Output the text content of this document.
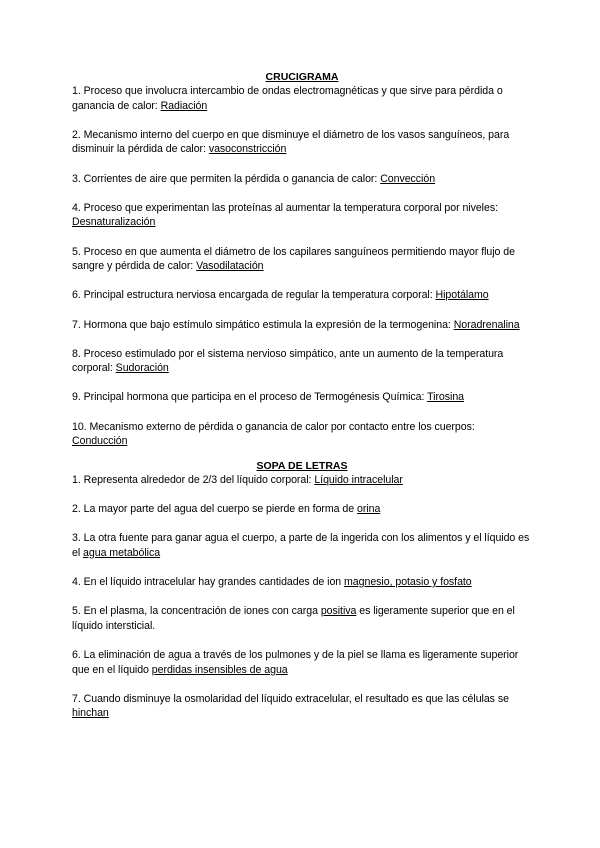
CRUCIGRAMA

1. Proceso que involucra intercambio de ondas electromagnéticas y que sirve para pérdida o ganancia de calor: Radiación

2. Mecanismo interno del cuerpo en que disminuye el diámetro de los vasos sanguíneos, para disminuir la pérdida de calor: vasoconstricción

3. Corrientes de aire que permiten la pérdida o ganancia de calor: Convección

4. Proceso que experimentan las proteínas al aumentar la temperatura corporal por niveles: Desnaturalización

5. Proceso en que aumenta el diámetro de los capilares sanguíneos permitiendo mayor flujo de sangre y pérdida de calor: Vasodilatación

6. Principal estructura nerviosa encargada de regular la temperatura corporal: Hipotálamo

7. Hormona que bajo estímulo simpático estimula la expresión de la termogenina: Noradrenalina

8. Proceso estimulado por el sistema nervioso simpático, ante un aumento de la temperatura corporal: Sudoración

9. Principal hormona que participa en el proceso de Termogénesis Química: Tirosina

10. Mecanismo externo de pérdida o ganancia de calor por contacto entre los cuerpos: Conducción

SOPA DE LETRAS

1. Representa alrededor de 2/3 del líquido corporal: Líquido intracelular

2. La mayor parte del agua del cuerpo se pierde en forma de orina

3. La otra fuente para ganar agua el cuerpo, a parte de la ingerida con los alimentos y el líquido es el agua metabólica

4. En el líquido intracelular hay grandes cantidades de ion magnesio, potasio y fosfato

5. En el plasma, la concentración de iones con carga positiva es ligeramente superior que en el líquido intersticial.

6. La eliminación de agua a través de los pulmones y de la piel se llama es ligeramente superior que en el líquido perdidas insensibles de agua

7. Cuando disminuye la osmolaridad del líquido extracelular, el resultado es que las células se hinchan
